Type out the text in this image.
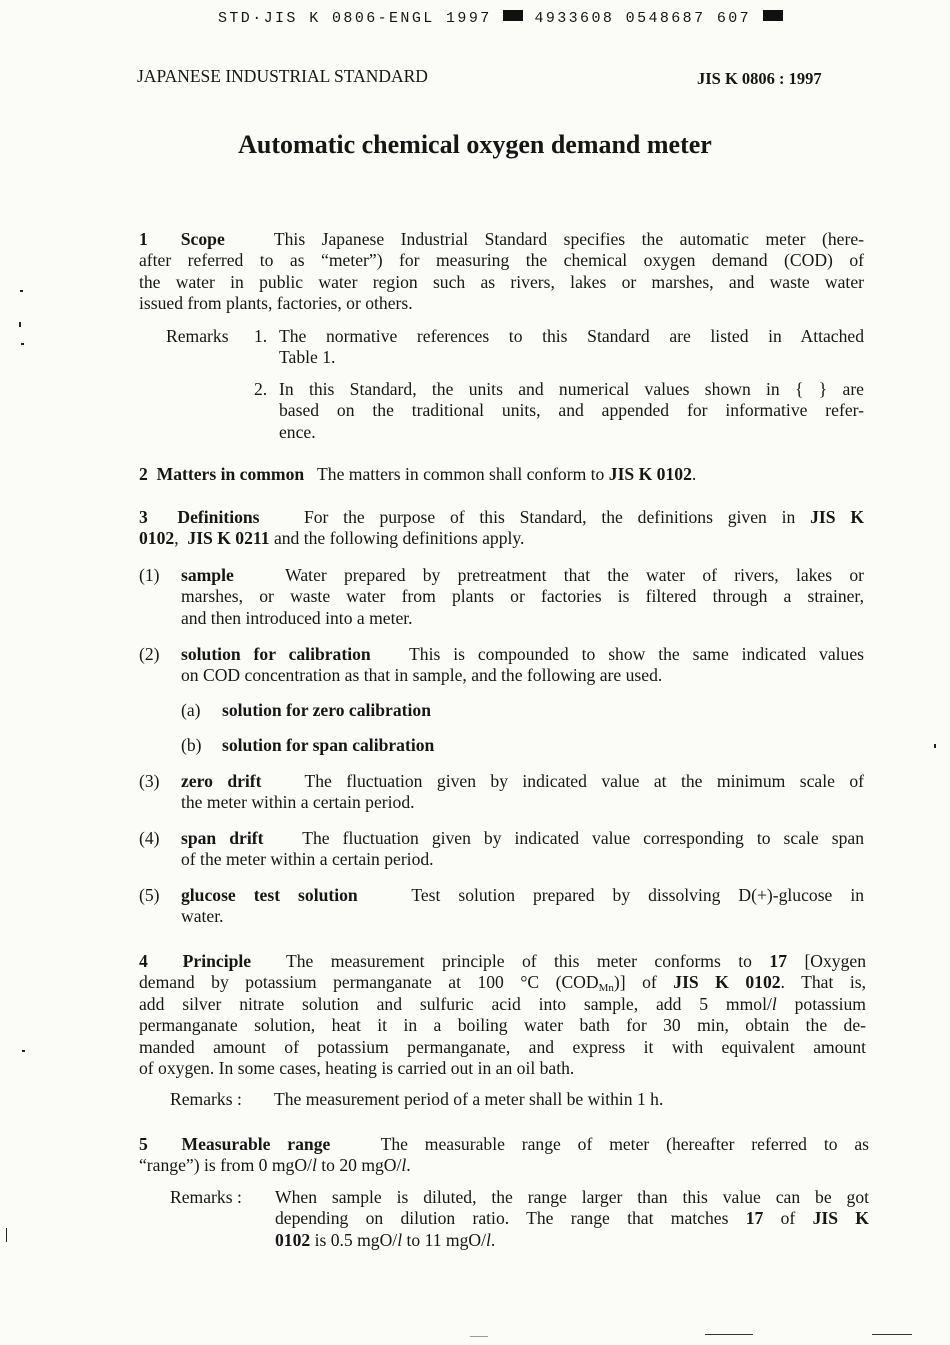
STD·JIS K 0806-ENGL 1997	4933608 0548687 607
JAPANESE INDUSTRIAL STANDARD	JIS K 0806 : 1997
Automatic chemical oxygen demand meter
1 Scope	This Japanese Industrial Standard specifies the automatic meter (here-
after referred to as “meter”) for measuring the chemical oxygen demand (COD) of
the water in public water region such as rivers, lakes or marshes, and waste water
issued from plants, factories, or others.
Remarks 1. The normative references to this Standard are listed in Attached
Table 1.
2. In this Standard, the units and numerical values shown in { } are
based on the traditional units, and appended for informative refer-
ence.
2 Matters in common The matters in common shall conform to JIS K 0102.
3 Definitions	For the purpose of this Standard, the definitions given in JIS K
0102, JIS K 0211 and the following definitions apply.
(1) sample	Water prepared by pretreatment that the water of rivers, lakes or
marshes, or waste water from plants or factories is filtered through a strainer,
and then introduced into a meter.
(2) solution for calibration This is compounded to show the same indicated values
on COD concentration as that in sample, and the following are used.
(a) solution for zero calibration
(b) solution for span calibration
(3) zero drift The fluctuation given by indicated value at the minimum scale of
the meter within a certain period.
(4) span drift The fluctuation given by indicated value corresponding to scale span
of the meter within a certain period.
(5) glucose test solution	Test solution prepared by dissolving D(+)-glucose in
water.
4 Principle The measurement principle of this meter conforms to 17 [Oxygen
demand by potassium permanganate at 100 °C $(COD_{Mn})$] of JIS K 0102. That is,
add silver nitrate solution and sulfuric acid into sample, add 5 mmol/l potassium
permanganate solution, heat it in a boiling water bath for 30 min, obtain the de-
manded amount of potassium permanganate, and express it with equivalent amount
of oxygen. In some cases, heating is carried out in an oil bath.
Remarks : The measurement period of a meter shall be within 1 h.
5 Measurable range	The measurable range of meter (hereafter referred to as
“range”) is from 0 mgO/l to 20 mgO/l.
Remarks : When sample is diluted, the range larger than this value can be got
depending on dilution ratio. The range that matches 17 of JIS K
0102 is 0.5 mgO/l to 11 mgO/l.
